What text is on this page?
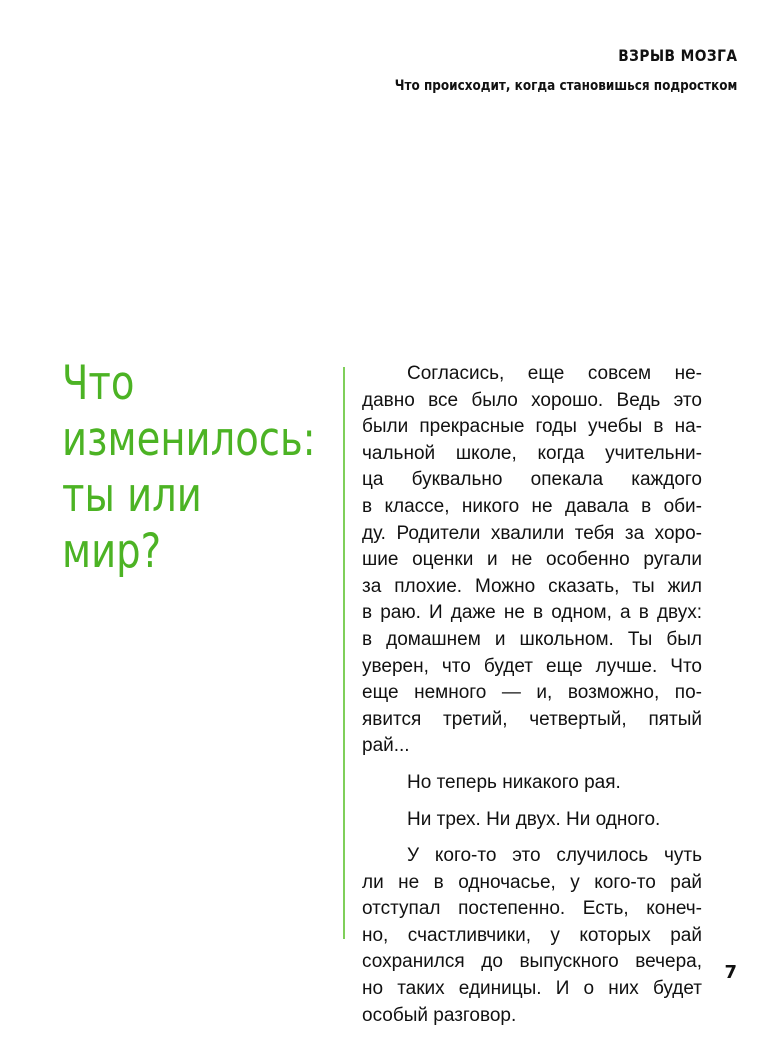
ВЗРЫВ МОЗГА
Что происходит, когда становишься подростком
Что
изменилось:
ты или
мир?
Согласись, еще совсем не-
давно все было хорошо. Ведь это
были прекрасные годы учебы в на-
чальной школе, когда учительни-
ца буквально опекала каждого
в классе, никого не давала в оби-
ду. Родители хвалили тебя за хоро-
шие оценки и не особенно ругали
за плохие. Можно сказать, ты жил
в раю. И даже не в одном, а в двух:
в домашнем и школьном. Ты был
уверен, что будет еще лучше. Что
еще немного — и, возможно, по-
явится третий, четвертый, пятый
рай...
Но теперь никакого рая.
Ни трех. Ни двух. Ни одного.
У кого-то это случилось чуть
ли не в одночасье, у кого-то рай
отступал постепенно. Есть, конеч-
но, счастливчики, у которых рай
сохранился до выпускного вечера,
но таких единицы. И о них будет
особый разговор.
7
